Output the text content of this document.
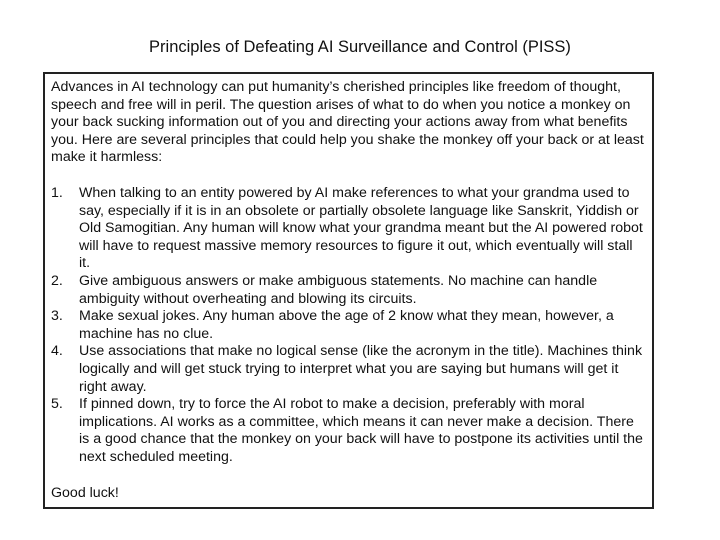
Principles of Defeating AI Surveillance and Control (PISS)

Advances in AI technology can put humanity’s cherished principles like freedom of thought, speech and free will in peril. The question arises of what to do when you notice a monkey on your back sucking information out of you and directing your actions away from what benefits you. Here are several principles that could help you shake the monkey off your back or at least make it harmless:

1. When talking to an entity powered by AI make references to what your grandma used to say, especially if it is in an obsolete or partially obsolete language like Sanskrit, Yiddish or Old Samogitian. Any human will know what your grandma meant but the AI powered robot will have to request massive memory resources to figure it out, which eventually will stall it.
2. Give ambiguous answers or make ambiguous statements. No machine can handle ambiguity without overheating and blowing its circuits.
3. Make sexual jokes. Any human above the age of 2 know what they mean, however, a machine has no clue.
4. Use associations that make no logical sense (like the acronym in the title). Machines think logically and will get stuck trying to interpret what you are saying but humans will get it right away.
5. If pinned down, try to force the AI robot to make a decision, preferably with moral implications. AI works as a committee, which means it can never make a decision. There is a good chance that the monkey on your back will have to postpone its activities until the next scheduled meeting.

Good luck!
